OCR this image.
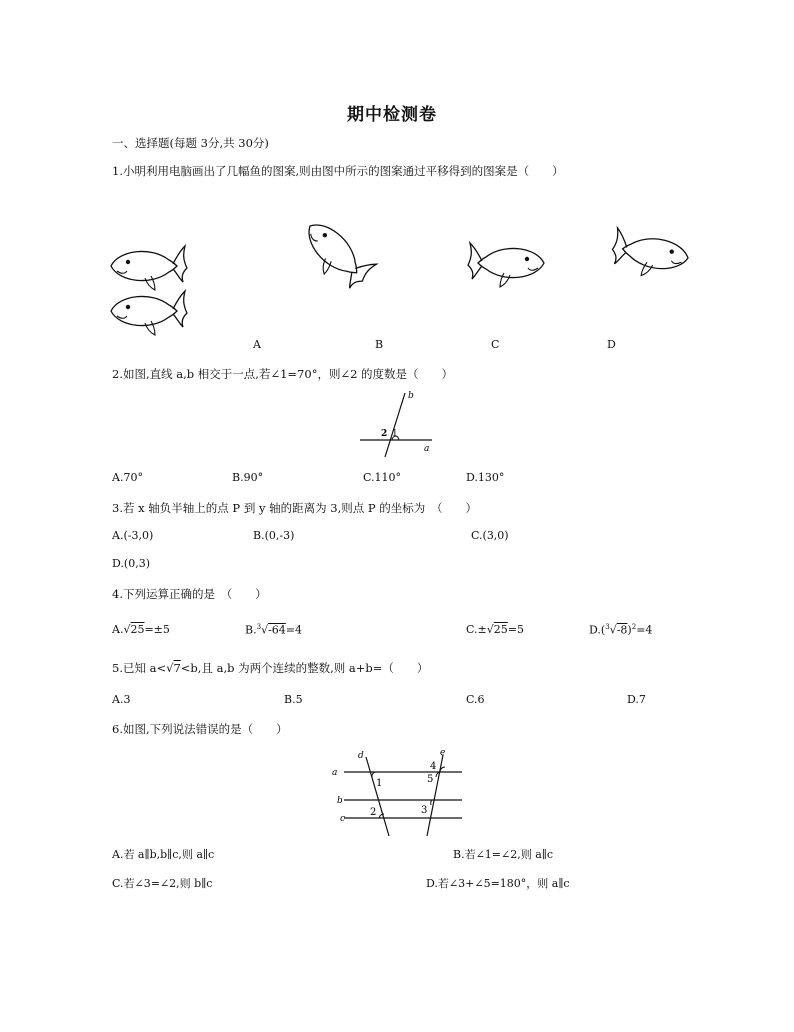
期中检测卷
一、选择题(每题 3分,共 30分)
1.小明利用电脑画出了几幅鱼的图案,则由图中所示的图案通过平移得到的图案是（　　）
A	B	C	D
2.如图,直线 a,b 相交于一点,若∠1=70°，则∠2 的度数是（　　）
b
a
1
2
A.70°	B.90°	C.110°	D.130°
3.若 x 轴负半轴上的点 P 到 y 轴的距离为 3,则点 P 的坐标为　（　　）
A.(-3,0)	B.(0,-3)	C.(3,0)
D.(0,3)
4.下列运算正确的是　（　　）
A.√25=±5	B.$^3$√-64=4	C.±√25=5	$D.(^3√-8)^2=4$
5.已知 a<√7<b,且 a,b 为两个连续的整数,则 a+b=（　　）
A.3	B.5	C.6	D.7
6.如图,下列说法错误的是（　　）
a
b
c
d	e
1
2	3
4
5
A.若 a∥b,b∥c,则 a∥c	B.若∠1=∠2,则 a∥c
C.若∠3=∠2,则 b∥c	D.若∠3+∠5=180°，则 a∥c
